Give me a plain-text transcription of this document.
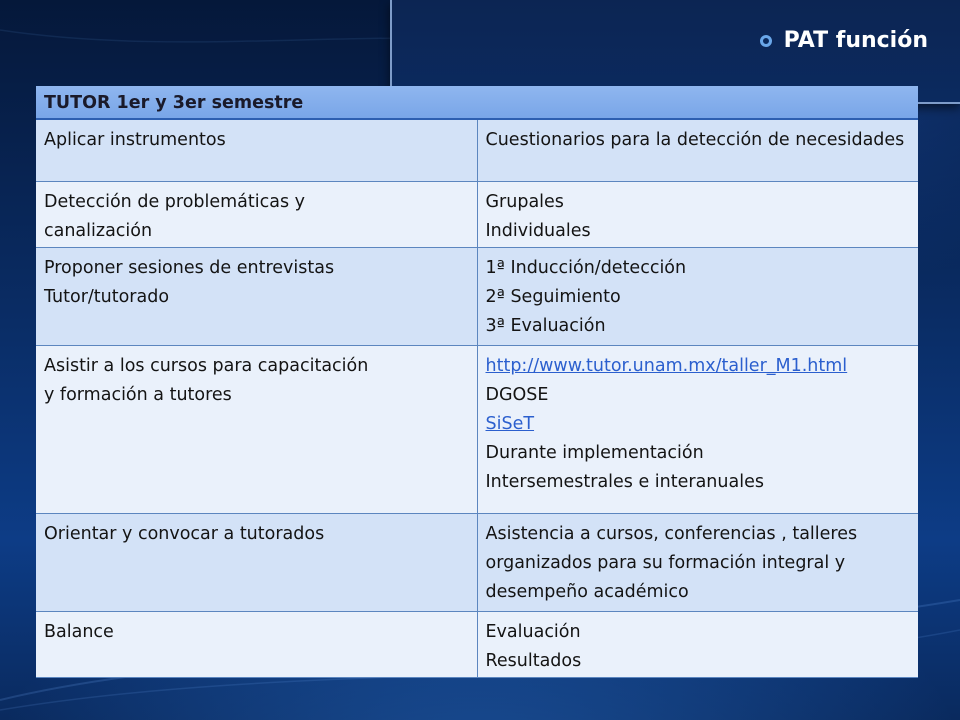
PAT función
TUTOR 1er y 3er semestre	

Aplicar instrumentos	Cuestionarios para la detección de necesidades

Detección de problemáticas y
canalización	Grupales
Individuales

Proponer sesiones de entrevistas
Tutor/tutorado	1ª Inducción/detección
2ª Seguimiento
3ª Evaluación

Asistir a los cursos para capacitación
y formación a tutores	http://www.tutor.unam.mx/taller_M1.html
DGOSE
SiSeT
Durante implementación
Intersemestrales e interanuales

Orientar y convocar a tutorados	Asistencia a cursos, conferencias , talleres
organizados para su formación integral y
desempeño académico

Balance	Evaluación
Resultados
